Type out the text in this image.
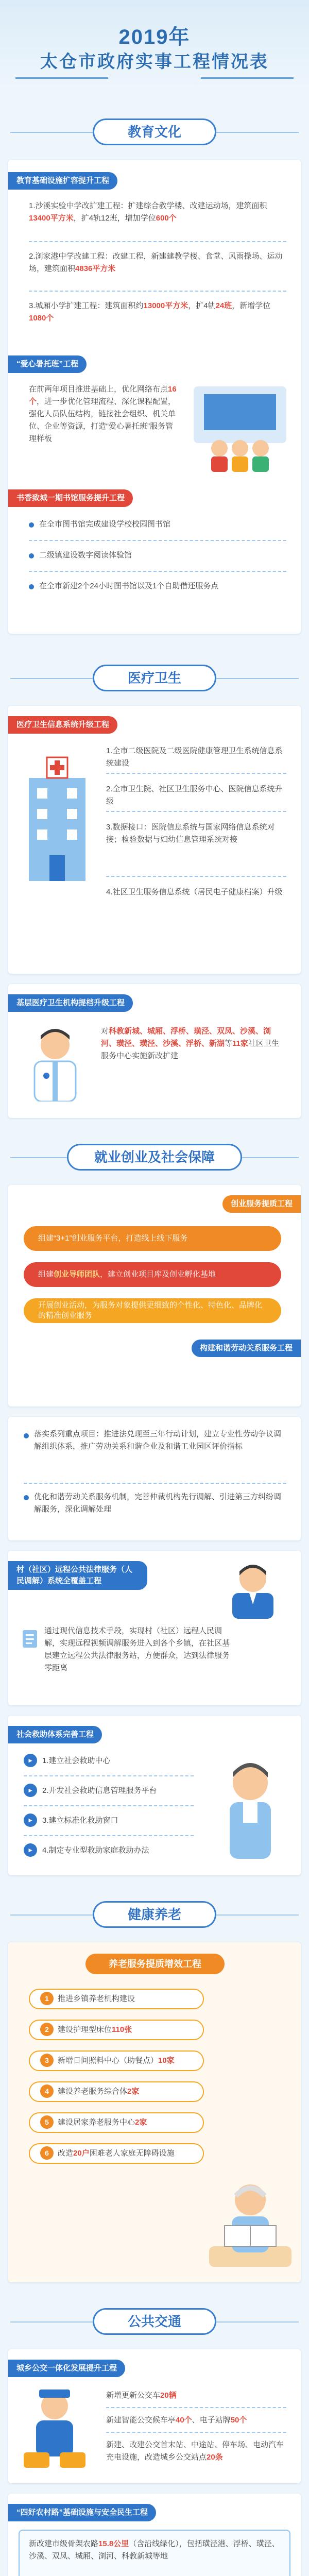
2019年
太仓市政府实事工程情况表
教育文化
教育基础设施扩容提升工程
1.沙溪实验中学改扩建工程：扩建综合教学楼、改建运动场，建筑面积13400平方米，扩4轨12班，增加学位600个
2.浏家港中学改建工程：改建工程，新建建教学楼、食堂、风雨操场、运动场，建筑面积4836平方米
3.城厢小学扩建工程：建筑面积约13000平方米，扩4轨24班，新增学位1080个
“爱心暑托班”工程
在前两年项目推进基础上，优化网络布点16个，进一步优化管理流程、深化课程配置，强化人员队伍结构，链接社会组织、机关单位、企业等资源，打造“爱心暑托班”服务管理样板
书香致城一期书馆服务提升工程
在全市图书馆完成建设学校校园图书馆
二级镇建设数字阅读体验馆
在全市新建2个24小时图书馆以及1个自助借还服务点
医疗卫生
医疗卫生信息系统升级工程
1.全市二级医院及二级医院健康管理卫生系统信息系统建设
2.全市卫生院、社区卫生服务中心、医院信息系统升级
3.数据接口：医院信息系统与国家网络信息系统对接；检验数据与妇幼信息管理系统对接
4.社区卫生服务信息系统（居民电子健康档案）升级
基层医疗卫生机构提档升级工程
对科教新城、城厢、浮桥、璜泾、双凤、沙溪、浏河、璜泾、璜泾、沙溪、浮桥、新湖等11家社区卫生服务中心实施新改扩建
就业创业及社会保障
创业服务提质工程
组建“3+1”创业服务平台，打造线上线下服务
组建创业导师团队，建立创业项目库及创业孵化基地
开展创业活动，为服务对象提供更细致的个性化、特色化、品牌化的精准创业服务
构建和谐劳动关系服务工程
落实系列重点项目：推进法兑现至三年行动计划，建立专业性劳动争议调解组织体系，推广劳动关系和谐企业及和谐工业园区评价指标
优化和谐劳动关系服务机制，完善仲裁机构先行调解、引进第三方纠纷调解服务，深化调解处理
村（社区）远程公共法律服务（人民调解）系统全覆盖工程
通过现代信息技术手段，实现村（社区）远程人民调解，实现远程视频调解服务进入到各个乡镇，在社区基层建立远程公共法律服务站，方便群众，达到法律服务零距离
社会救助体系完善工程
▸	1.建立社会救助中心
▸	2.开发社会救助信息管理服务平台
▸	3.建立标准化救助窗口
▸	4.制定专业型救助家庭救助办法
健康养老
养老服务提质增效工程
1 推进乡镇养老机构建设
2 建设护理型床位110张
3 新增日间照料中心（助餐点）10家
4 建设养老服务综合体2家
5 建设居家养老服务中心2家
6 改造20户困难老人家庭无障碍设施
公共交通
城乡公交一体化发展提升工程
新增更新公交车20辆
新建智能公交候车亭40个、电子站牌50个
新建、改建公交首末站、中途站、停车场、电动汽车充电设施，改造城乡公交站点20条
“四好农村路”基础设施与安全民生工程
新改建市级骨架农路15.8公里（含沿线绿化），包括璜泾港、浮桥、璜泾、沙溪、双凤、城厢、浏河、科教新城等地
